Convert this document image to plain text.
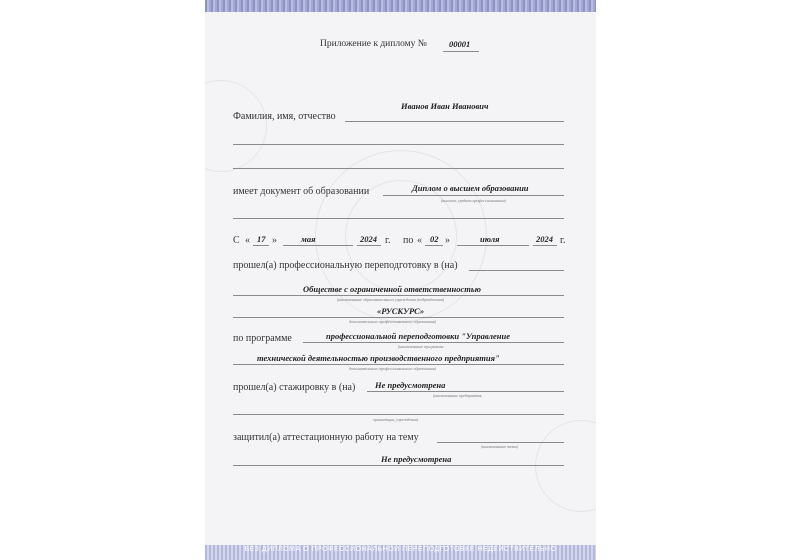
Приложение к диплому №	00001
Иванов Иван Иванович
Фамилия, имя, отчество
Диплом о высшем образовании
имеет документ об образовании
(высшем, среднем профессиональном)
С « 17 »	мая	2024 г. по « 02 »	июля	2024 г.
прошел(а) профессиональную переподготовку в (на)
Обществе с ограниченной ответственностью
(наименование образовательного учреждения (подразделения)
«РУСКУРС»
дополнительного профессионального образования)
по программе	профессиональной переподготовки "Управление
(наименование программы
технической деятельностью производственного предприятия"
дополнительного профессионального образования)
прошел(а) стажировку в (на) Не предусмотрена
(наименование предприятия,
организации, учреждения)
защитил(а) аттестационную работу на тему
(наименование темы)
Не предусмотрена
БЕЗ ДИПЛОМА О ПРОФЕССИОНАЛЬНОЙ ПЕРЕПОДГОТОВКЕ НЕДЕЙСТВИТЕЛЬНО
